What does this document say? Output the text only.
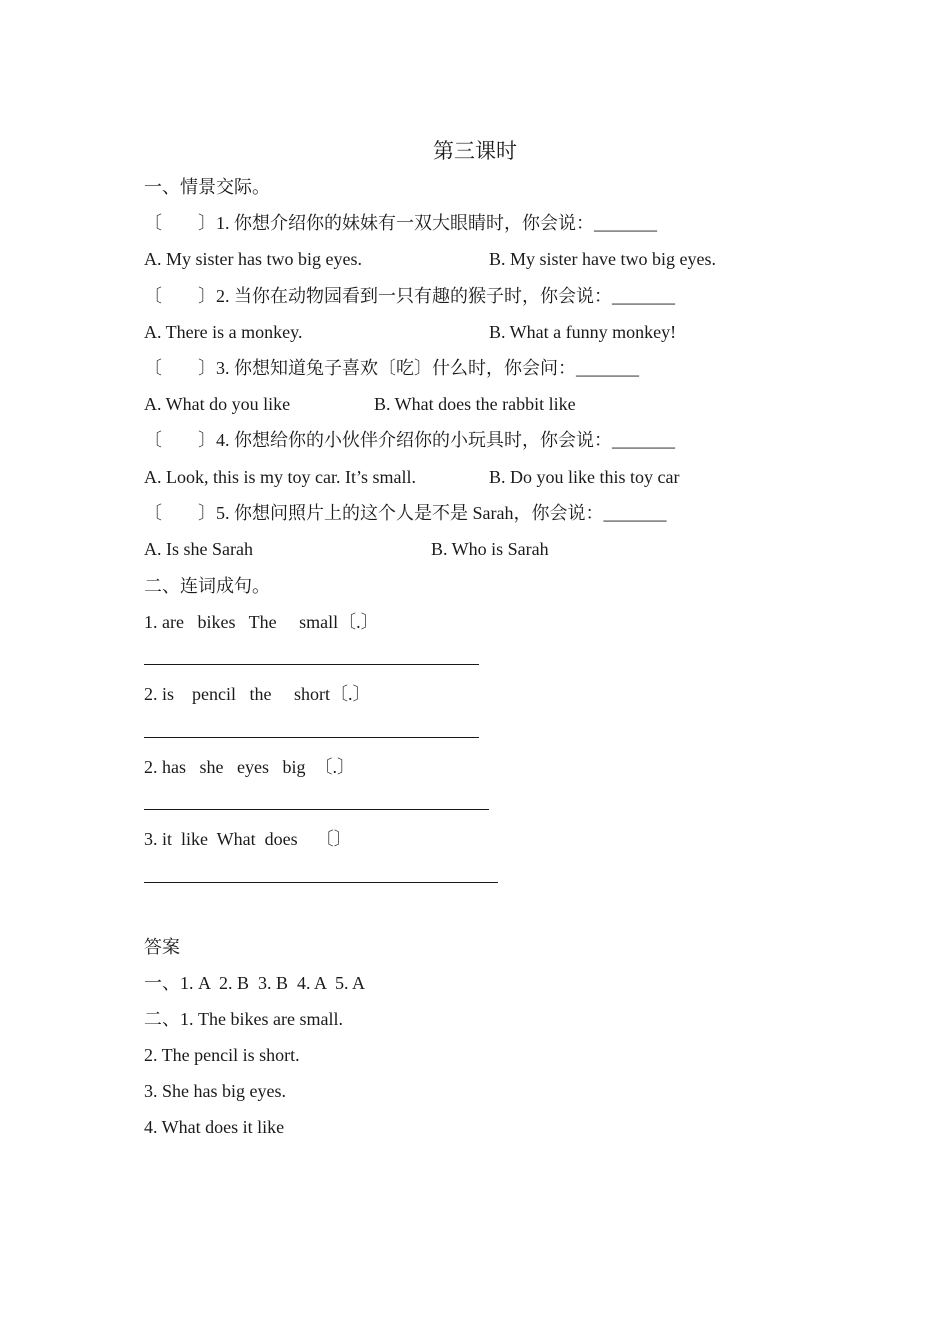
第三课时
一、情景交际。
〔　　〕1. 你想介绍你的妹妹有一双大眼睛时，你会说：_______
A. My sister has two big eyes.	B. My sister have two big eyes.
〔　　〕2. 当你在动物园看到一只有趣的猴子时，你会说：_______
A. There is a monkey.	B. What a funny monkey!
〔　　〕3. 你想知道兔子喜欢〔吃〕什么时，你会问：_______
A. What do you like	B. What does the rabbit like
〔　　〕4. 你想给你的小伙伴介绍你的小玩具时，你会说：_______
A. Look, this is my toy car. It’s small.	B. Do you like this toy car
〔　　〕5. 你想问照片上的这个人是不是 Sarah，你会说：_______
A. Is she Sarah	B. Who is Sarah
二、连词成句。
1. are   bikes   The     small〔.〕
2. is    pencil   the     short〔.〕
2. has   she   eyes   big  〔.〕
3. it  like  What  does    〔〕
答案
一、1. A  2. B  3. B  4. A  5. A
二、1. The bikes are small.
2. The pencil is short.
3. She has big eyes.
4. What does it like
